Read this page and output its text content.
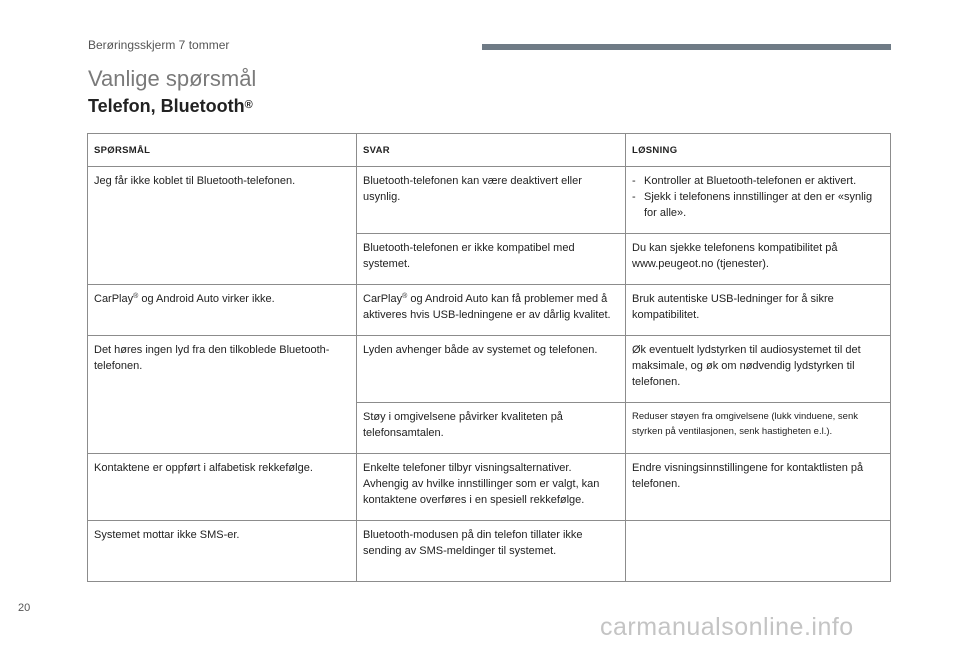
Berøringsskjerm 7 tommer
Vanlige spørsmål
Telefon, Bluetooth®
SPØRSMÅL	SVAR	LØSNING
Jeg får ikke koblet til Bluetooth-telefonen.	Bluetooth-telefonen kan være deaktivert eller usynlig.	- Kontroller at Bluetooth-telefonen er aktivert.
- Sjekk i telefonens innstillinger at den er «synlig for alle».

	Bluetooth-telefonen er ikke kompatibel med systemet.	Du kan sjekke telefonens kompatibilitet på www.peugeot.no (tjenester).
CarPlay® og Android Auto virker ikke.	CarPlay® og Android Auto kan få problemer med å aktiveres hvis USB-ledningene er av dårlig kvalitet.	Bruk autentiske USB-ledninger for å sikre kompatibilitet.
Det høres ingen lyd fra den tilkoblede Bluetooth-telefonen.	Lyden avhenger både av systemet og telefonen.	Øk eventuelt lydstyrken til audiosystemet til det maksimale, og øk om nødvendig lydstyrken til telefonen.
	Støy i omgivelsene påvirker kvaliteten på telefonsamtalen.	Reduser støyen fra omgivelsene (lukk vinduene, senk styrken på ventilasjonen, senk hastigheten e.l.).
Kontaktene er oppført i alfabetisk rekkefølge.	Enkelte telefoner tilbyr visningsalternativer. Avhengig av hvilke innstillinger som er valgt, kan kontaktene overføres i en spesiell rekkefølge.	Endre visningsinnstillingene for kontaktlisten på telefonen.
Systemet mottar ikke SMS-er.	Bluetooth-modusen på din telefon tillater ikke sending av SMS-meldinger til systemet.	
20
carmanualsonline.info
